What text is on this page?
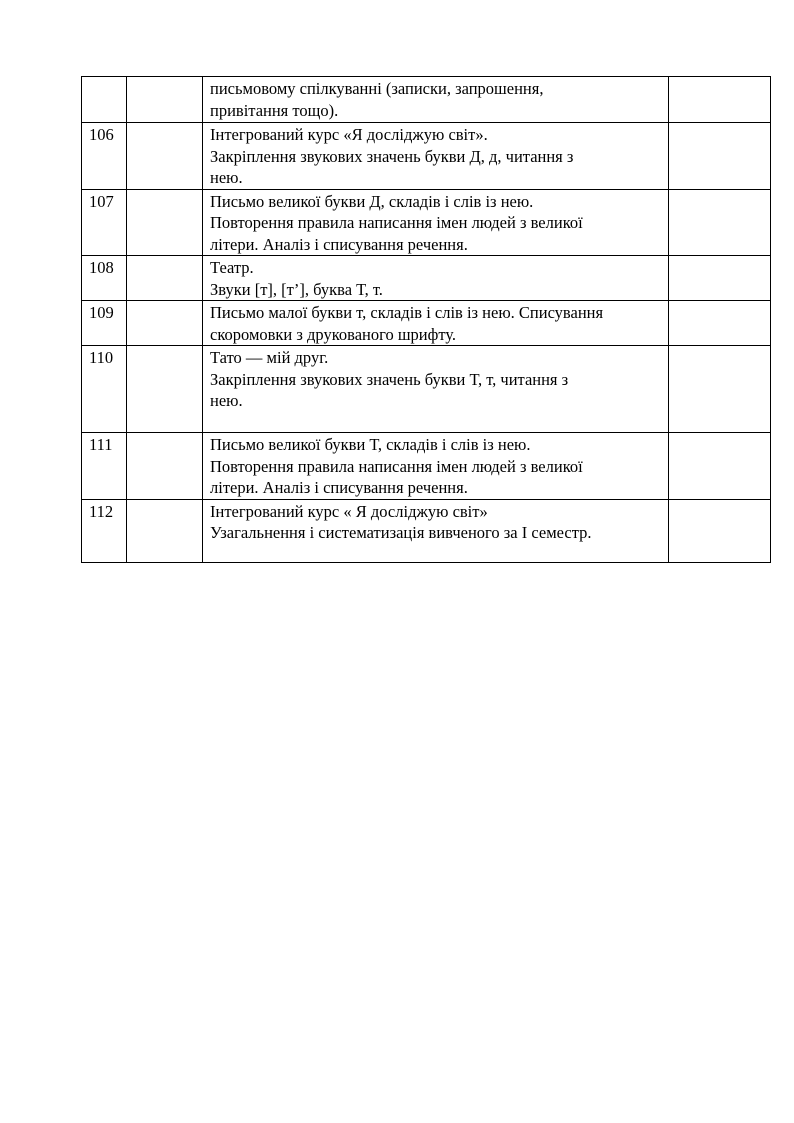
		письмовому спілкуванні (записки, запрошення,
привітання тощо).	

106		Інтегрований курс «Я досліджую світ».
Закріплення звукових значень букви Д, д, читання з
нею.	

107		Письмо великої букви Д, складів і слів із нею.
Повторення правила написання імен людей з великої
літери. Аналіз і списування речення.	

108		Театр.
Звуки [т], [т’], буква Т, т.	

109		Письмо малої букви т, складів і слів із нею. Списування
скоромовки з друкованого шрифту.	

110		Тато — мій друг.
Закріплення звукових значень букви Т, т, читання з
нею.	

111		Письмо великої букви Т, складів і слів із нею.
Повторення правила написання імен людей з великої
літери. Аналіз і списування речення.	

112		Інтегрований курс « Я досліджую світ»
Узагальнення і систематизація вивченого за І семестр.	
